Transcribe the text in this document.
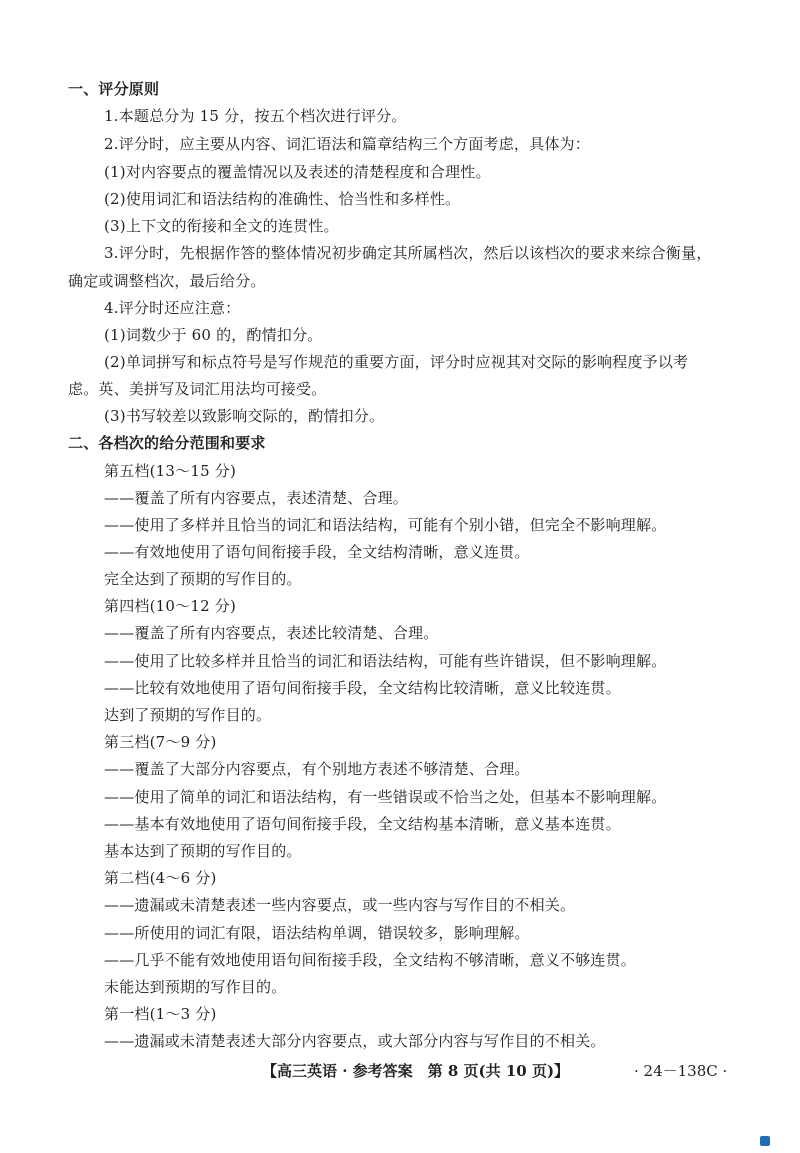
一、评分原则
1.本题总分为 15 分，按五个档次进行评分。
2.评分时，应主要从内容、词汇语法和篇章结构三个方面考虑，具体为：
(1)对内容要点的覆盖情况以及表述的清楚程度和合理性。
(2)使用词汇和语法结构的准确性、恰当性和多样性。
(3)上下文的衔接和全文的连贯性。
3.评分时，先根据作答的整体情况初步确定其所属档次，然后以该档次的要求来综合衡量，
确定或调整档次，最后给分。
4.评分时还应注意：
(1)词数少于 60 的，酌情扣分。
(2)单词拼写和标点符号是写作规范的重要方面，评分时应视其对交际的影响程度予以考
虑。英、美拼写及词汇用法均可接受。
(3)书写较差以致影响交际的，酌情扣分。
二、各档次的给分范围和要求
第五档(13～15 分)
——覆盖了所有内容要点，表述清楚、合理。
——使用了多样并且恰当的词汇和语法结构，可能有个别小错，但完全不影响理解。
——有效地使用了语句间衔接手段，全文结构清晰，意义连贯。
完全达到了预期的写作目的。
第四档(10～12 分)
——覆盖了所有内容要点，表述比较清楚、合理。
——使用了比较多样并且恰当的词汇和语法结构，可能有些许错误，但不影响理解。
——比较有效地使用了语句间衔接手段，全文结构比较清晰，意义比较连贯。
达到了预期的写作目的。
第三档(7～9 分)
——覆盖了大部分内容要点，有个别地方表述不够清楚、合理。
——使用了简单的词汇和语法结构，有一些错误或不恰当之处，但基本不影响理解。
——基本有效地使用了语句间衔接手段，全文结构基本清晰，意义基本连贯。
基本达到了预期的写作目的。
第二档(4～6 分)
——遗漏或未清楚表述一些内容要点，或一些内容与写作目的不相关。
——所使用的词汇有限，语法结构单调，错误较多，影响理解。
——几乎不能有效地使用语句间衔接手段，全文结构不够清晰，意义不够连贯。
未能达到预期的写作目的。
第一档(1～3 分)
——遗漏或未清楚表述大部分内容要点，或大部分内容与写作目的不相关。
【高三英语 · 参考答案　第 8 页(共 10 页)】	· 24－138C ·
